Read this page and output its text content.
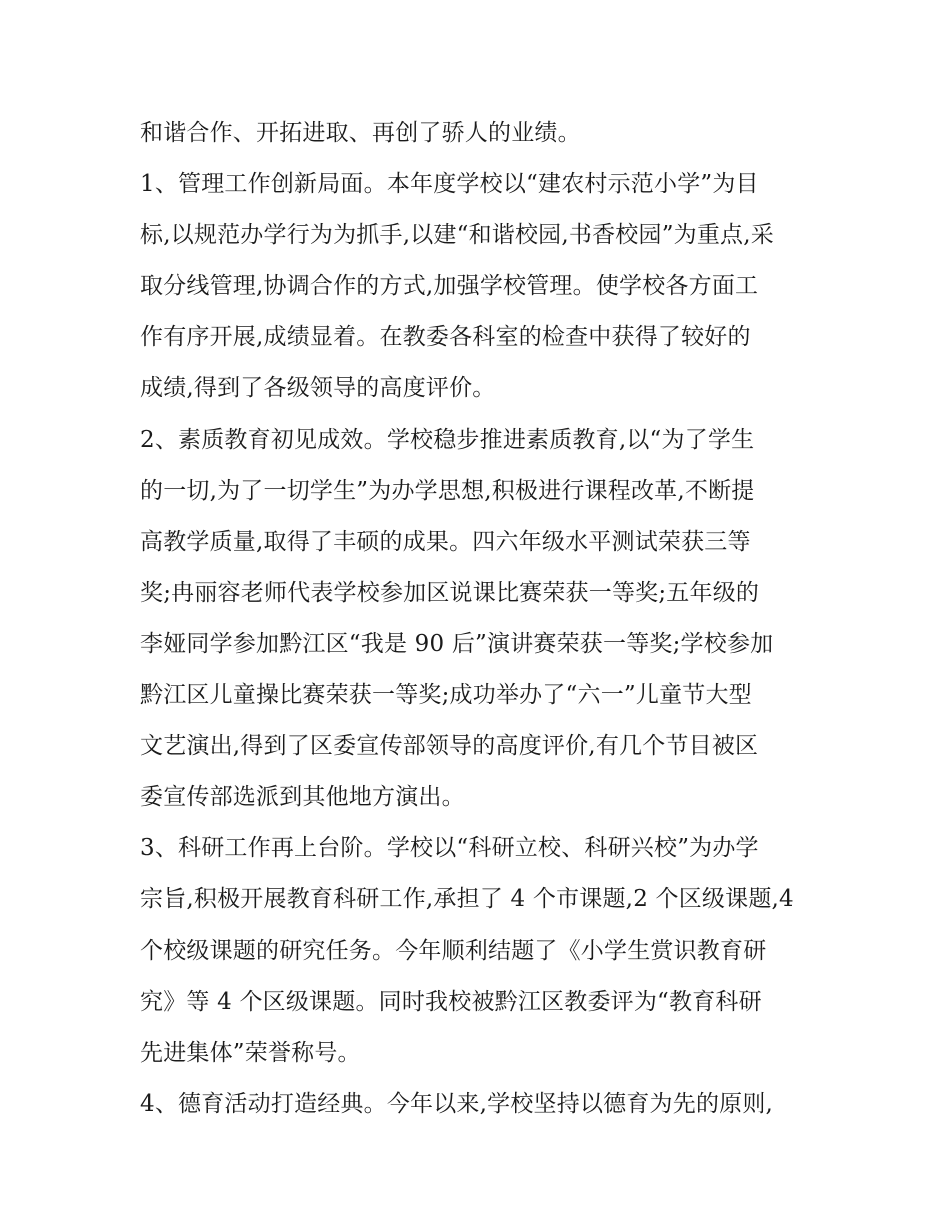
和谐合作、开拓进取、再创了骄人的业绩。
1、管理工作创新局面。本年度学校以“建农村示范小学”为目
标,以规范办学行为为抓手,以建“和谐校园,书香校园”为重点,采
取分线管理,协调合作的方式,加强学校管理。使学校各方面工
作有序开展,成绩显着。在教委各科室的检查中获得了较好的
成绩,得到了各级领导的高度评价。
2、素质教育初见成效。学校稳步推进素质教育,以“为了学生
的一切,为了一切学生”为办学思想,积极进行课程改革,不断提
高教学质量,取得了丰硕的成果。四六年级水平测试荣获三等
奖;冉丽容老师代表学校参加区说课比赛荣获一等奖;五年级的
李娅同学参加黔江区“我是 90 后”演讲赛荣获一等奖;学校参加
黔江区儿童操比赛荣获一等奖;成功举办了“六一”儿童节大型
文艺演出,得到了区委宣传部领导的高度评价,有几个节目被区
委宣传部选派到其他地方演出。
3、科研工作再上台阶。学校以“科研立校、科研兴校”为办学
宗旨,积极开展教育科研工作,承担了 4 个市课题,2 个区级课题,4
个校级课题的研究任务。今年顺利结题了《小学生赏识教育研
究》等 4 个区级课题。同时我校被黔江区教委评为“教育科研
先进集体”荣誉称号。
4、德育活动打造经典。今年以来,学校坚持以德育为先的原则,
